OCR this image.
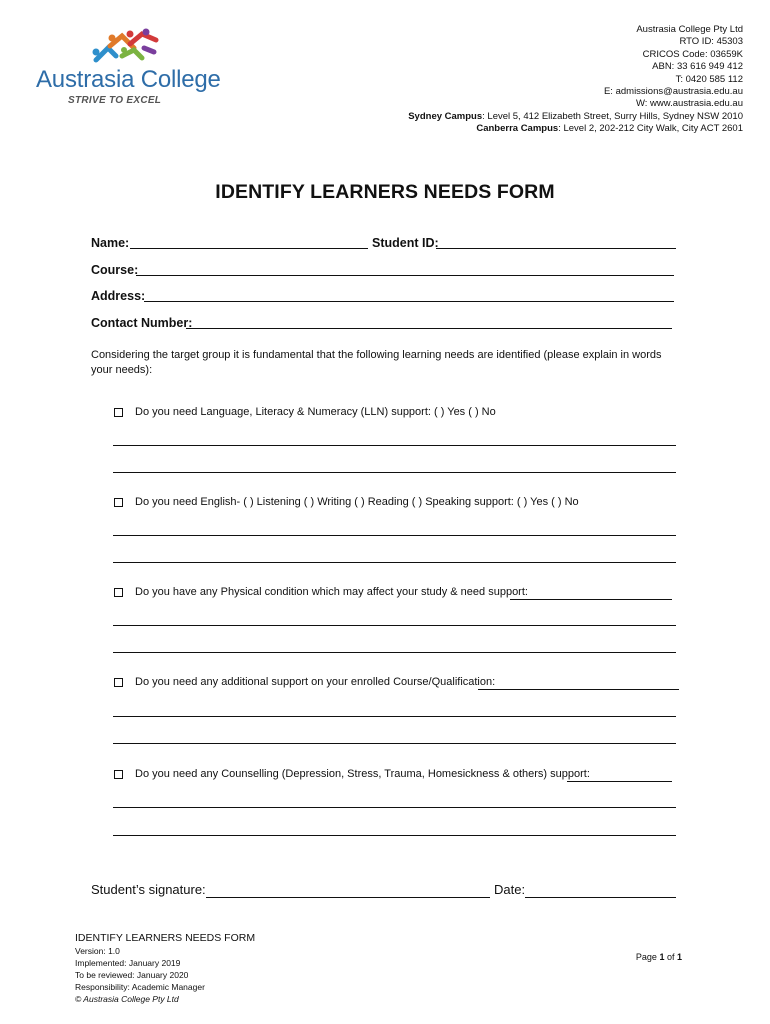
Austrasia College
STRIVE TO EXCEL
Austrasia College Pty Ltd
RTO ID: 45303
CRICOS Code: 03659K
ABN: 33 616 949 412
T: 0420 585 112
E: admissions@austrasia.edu.au
W: www.austrasia.edu.au
Sydney Campus: Level 5, 412 Elizabeth Street, Surry Hills, Sydney NSW 2010
Canberra Campus: Level 2, 202-212 City Walk, City ACT 2601
IDENTIFY LEARNERS NEEDS FORM
Name:	Student ID:
Course:
Address:
Contact Number:
Considering the target group it is fundamental that the following learning needs are identified (please explain in words your needs):
Do you need Language, Literacy & Numeracy (LLN) support: ( ) Yes ( ) No
Do you need English- ( ) Listening ( ) Writing ( ) Reading ( ) Speaking support: ( ) Yes ( ) No
Do you have any Physical condition which may affect your study & need support:
Do you need any additional support on your enrolled Course/Qualification:
Do you need any Counselling (Depression, Stress, Trauma, Homesickness & others) support:
Student’s signature:	Date:
IDENTIFY LEARNERS NEEDS FORM
Version: 1.0
Implemented: January 2019
To be reviewed: January 2020
Responsibility: Academic Manager
© Austrasia College Pty Ltd
Page 1 of 1
